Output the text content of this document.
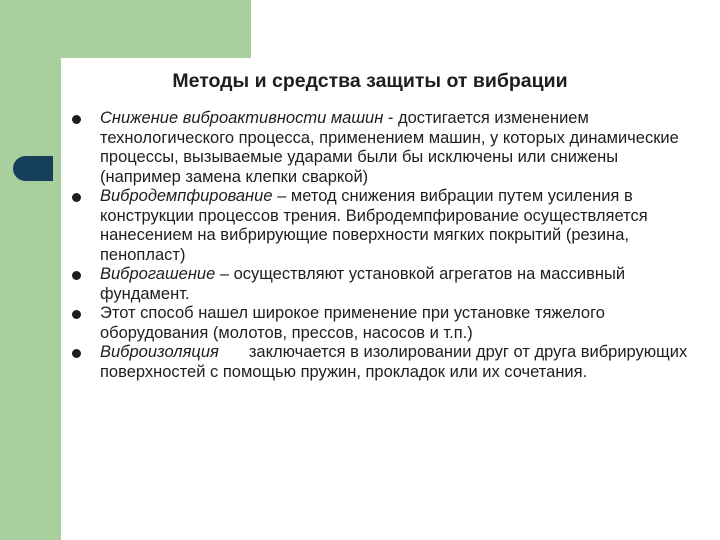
Методы и средства защиты от вибрации
Снижение виброактивности машин - достигается изменением технологического процесса, применением машин, у которых динамические процессы, вызываемые ударами были бы исключены или снижены (например замена клепки сваркой)
Вибродемпфирование – метод снижения вибрации путем усиления в конструкции процессов трения. Вибродемпфирование осуществляется нанесением на вибрирующие поверхности мягких покрытий (резина, пенопласт)
Виброгашение – осуществляют установкой агрегатов на массивный фундамент.
Этот способ нашел широкое применение при установке тяжелого оборудования (молотов, прессов, насосов и т.п.)
Виброизоляция заключается в изолировании друг от друга вибрирующих поверхностей с помощью пружин, прокладок или их сочетания.
